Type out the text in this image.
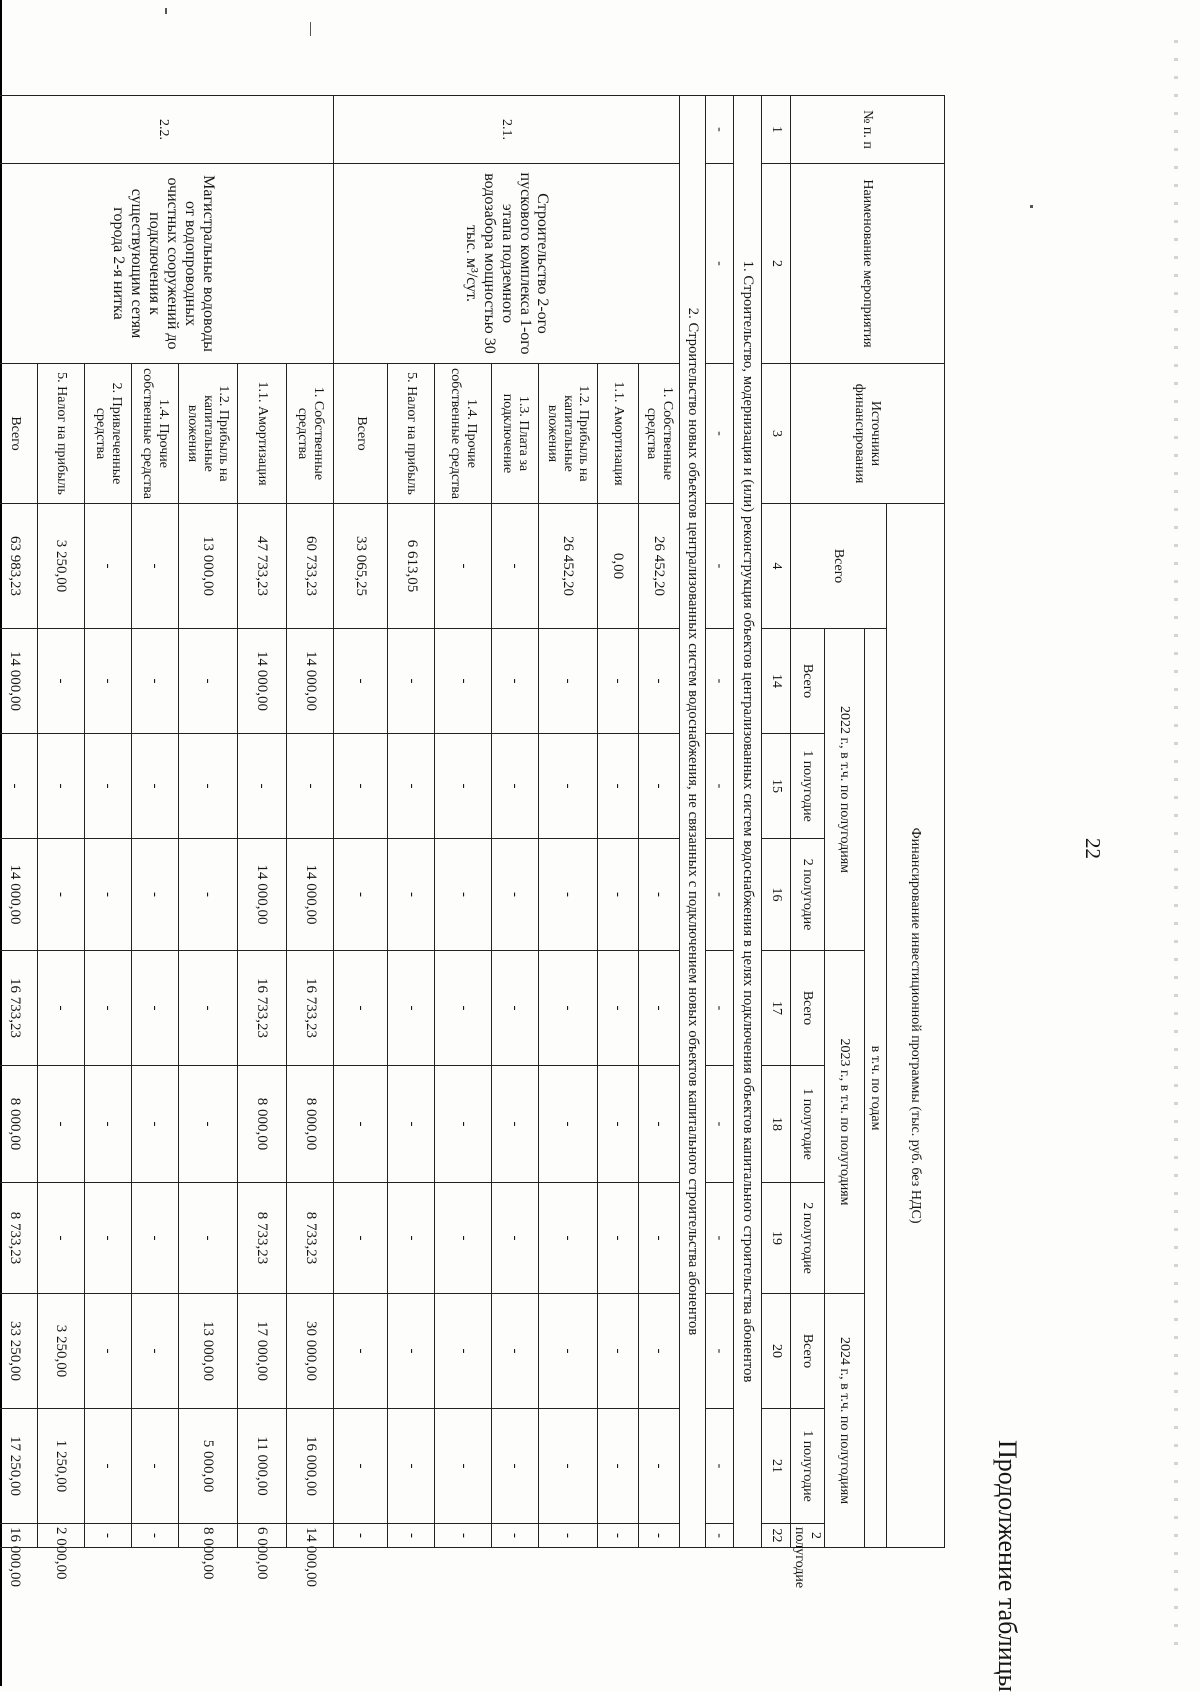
Продолжение таблицы
22
№ п. п	Наименование мероприятия	Источники финансирования	Финансирование инвестиционной программы (тыс. руб. без НДС)									
			Всего	в т.ч. по годам								
				2022 г., в т.ч. по полугодиям			2023 г., в т.ч. по полугодиям			2024 г., в т.ч. по полугодиям		
				Всего	1 полугодие	2 полугодие	Всего	1 полугодие	2 полугодие	Всего	1 полугодие	2 полугодие
1	2	3	4	14	15	16	17	18	19	20	21	22
1. Строительство, модернизация и (или) реконструкция объектов централизованных систем водоснабжения в целях подключения объектов капитального строительства абонентов												
-	-	-	-	-	-	-	-	-	-	-	-	-
2. Строительство новых объектов централизованных систем водоснабжения, не связанных с подключением новых объектов капитального строительства абонентов												
2.1.	Строительство 2-ого пускового комплекса 1-ого этапа подземного водозабора мощностью 30 тыс. м³/сут.	1. Собственные средства	26 452,20	-	-	-	-	-	-	-	-	-
		1.1. Амортизация	0,00	-	-	-	-	-	-	-	-	-
		1.2. Прибыль на капитальные вложения	26 452,20	-	-	-	-	-	-	-	-	-
		1.3. Плата за подключение	-	-	-	-	-	-	-	-	-	-
		1.4. Прочие собственные средства	-	-	-	-	-	-	-	-	-	-
		5. Налог на прибыль	6 613,05	-	-	-	-	-	-	-	-	-
		Всего	33 065,25	-	-	-	-	-	-	-	-	-
2.2.	Магистральные водоводы от водопроводных очистных сооружений до подключения к существующим сетям города 2-я нитка	1. Собственные средства	60 733,23	14 000,00	-	14 000,00	16 733,23	8 000,00	8 733,23	30 000,00	16 000,00	14 000,00
		1.1. Амортизация	47 733,23	14 000,00	-	14 000,00	16 733,23	8 000,00	8 733,23	17 000,00	11 000,00	6 000,00
		1.2. Прибыль на капитальные вложения	13 000,00	-	-	-	-	-	-	13 000,00	5 000,00	8 000,00
		1.4. Прочие собственные средства	-	-	-	-	-	-	-	-	-	-
		2. Привлеченные средства	-	-	-	-	-	-	-	-	-	-
		5. Налог на прибыль	3 250,00	-	-	-	-	-	-	3 250,00	1 250,00	2 000,00
		Всего	63 983,23	14 000,00	-	14 000,00	16 733,23	8 000,00	8 733,23	33 250,00	17 250,00	16 000,00
